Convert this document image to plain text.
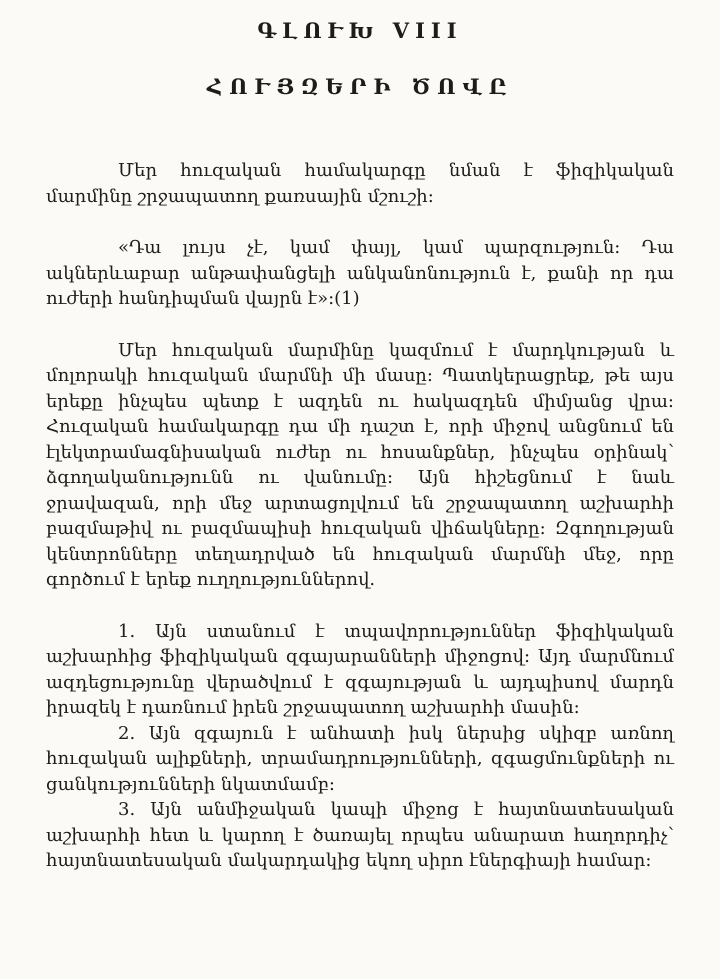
ԳԼՈՒԽ VIII
ՀՈՒՅԶԵՐԻ ԾՈՎԸ

Մեր հուզական համակարգը նման է ֆիզիկական մարմինը շրջապատող քառսային մշուշի:

«Դա լույս չէ, կամ փայլ, կամ պարզություն: Դա ակներևաբար անթափանցելի անկանոնություն է, քանի որ դա ուժերի հանդիպման վայրն է»:(1)

Մեր հուզական մարմինը կազմում է մարդկության և մոլորակի հուզական մարմնի մի մասը: Պատկերացրեք, թե այս երեքը ինչպես պետք է ազդեն ու հակազդեն միմյանց վրա: Հուզական համակարգը դա մի դաշտ է, որի միջով անցնում են էլեկտրամագնիսական ուժեր ու հոսանքներ, ինչպես օրինակ՝ ձգողականությունն ու վանումը: Այն հիշեցնում է նաև ջրավազան, որի մեջ արտացոլվում են շրջապատող աշխարհի բազմաթիվ ու բազմապիսի հուզական վիճակները: Զգողության կենտրոնները տեղադրված են հուզական մարմնի մեջ, որը գործում է երեք ուղղություններով.

1. Այն ստանում է տպավորություններ ֆիզիկական աշխարհից ֆիզիկական զգայարանների միջոցով: Այդ մարմնում ազդեցությունը վերածվում է զգայության և այդպիսով մարդն իրազեկ է դառնում իրեն շրջապատող աշխարհի մասին:

2. Այն զգայուն է անհատի իսկ ներսից սկիզբ առնող հուզական ալիքների, տրամադրությունների, զգացմունքների ու ցանկությունների նկատմամբ:

3. Այն անմիջական կապի միջոց է հայտնատեսական աշխարհի հետ և կարող է ծառայել որպես անարատ հաղորդիչ՝ հայտնատեսական մակարդակից եկող սիրո էներգիայի համար:
